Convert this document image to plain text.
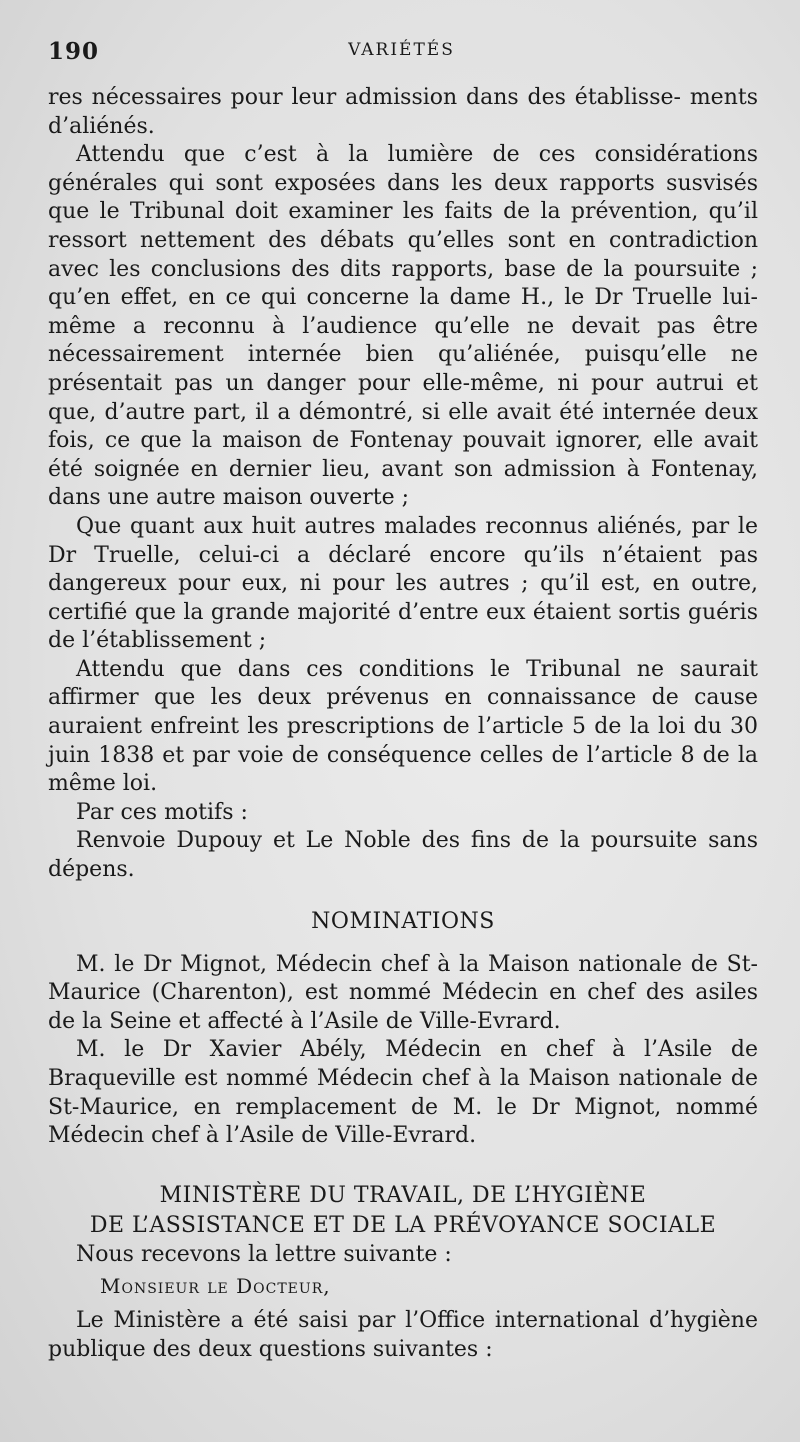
190	VARIÉTÉS

res nécessaires pour leur admission dans des établisse- ments d’aliénés.

Attendu que c’est à la lumière de ces considérations générales qui sont exposées dans les deux rapports susvisés que le Tribunal doit examiner les faits de la prévention, qu’il ressort nettement des débats qu’elles sont en contradiction avec les conclusions des dits rapports, base de la poursuite ; qu’en effet, en ce qui concerne la dame H., le Dr Truelle lui-même a reconnu à l’audience qu’elle ne devait pas être nécessairement internée bien qu’aliénée, puisqu’elle ne présentait pas un danger pour elle-même, ni pour autrui et que, d’autre part, il a démontré, si elle avait été internée deux fois, ce que la maison de Fontenay pouvait ignorer, elle avait été soignée en dernier lieu, avant son admission à Fontenay, dans une autre maison ouverte ;

Que quant aux huit autres malades reconnus aliénés, par le Dr Truelle, celui-ci a déclaré encore qu’ils n’étaient pas dangereux pour eux, ni pour les autres ; qu’il est, en outre, certifié que la grande majorité d’entre eux étaient sortis guéris de l’établissement ;

Attendu que dans ces conditions le Tribunal ne saurait affirmer que les deux prévenus en connaissance de cause auraient enfreint les prescriptions de l’article 5 de la loi du 30 juin 1838 et par voie de conséquence celles de l’article 8 de la même loi.

Par ces motifs :

Renvoie Dupouy et Le Noble des fins de la poursuite sans dépens.

NOMINATIONS

M. le Dr Mignot, Médecin chef à la Maison nationale de St-Maurice (Charenton), est nommé Médecin en chef des asiles de la Seine et affecté à l’Asile de Ville-Evrard.

M. le Dr Xavier Abély, Médecin en chef à l’Asile de Braqueville est nommé Médecin chef à la Maison nationale de St-Maurice, en remplacement de M. le Dr Mignot, nommé Médecin chef à l’Asile de Ville-Evrard.

MINISTÈRE DU TRAVAIL, DE L’HYGIÈNE
DE L’ASSISTANCE ET DE LA PRÉVOYANCE SOCIALE

Nous recevons la lettre suivante :

Monsieur le Docteur,

Le Ministère a été saisi par l’Office international d’hygiène publique des deux questions suivantes :
